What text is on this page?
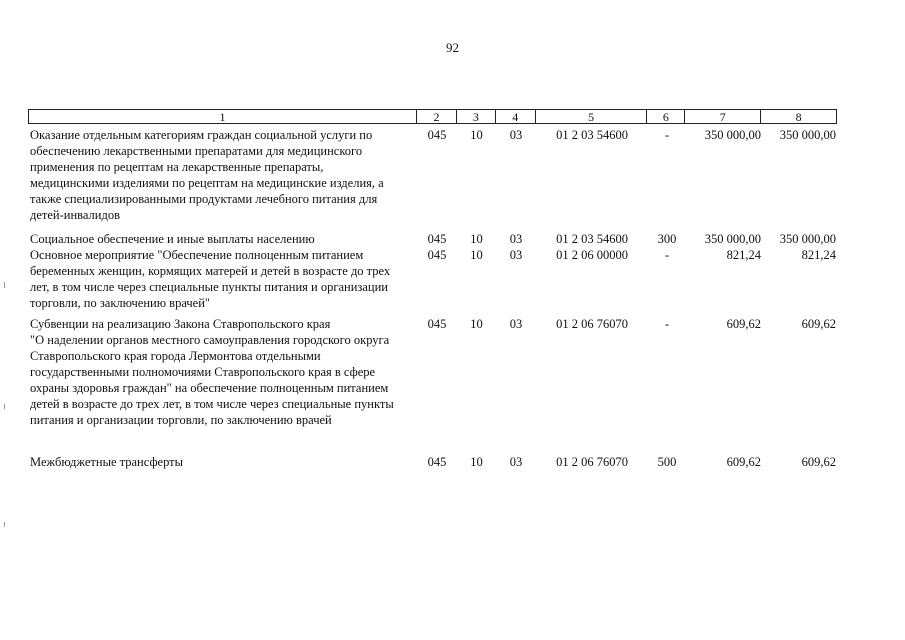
92
1	2	3	4	5	6	7	8
Оказание отдельным категориям граждан социальной услуги по
обеспечению лекарственными препаратами для медицинского
применения по рецептам на лекарственные препараты,
медицинскими изделиями по рецептам на медицинские изделия, а
также специализированными продуктами лечебного питания для
детей-инвалидов
045	10	03	01 2 03 54600	-	350 000,00	350 000,00
Социальное обеспечение и иные выплаты населению	045	10	03	01 2 03 54600	300	350 000,00	350 000,00
Основное мероприятие "Обеспечение полноценным питанием
беременных женщин, кормящих матерей и детей в возрасте до трех
лет, в том числе через специальные пункты питания и организации
торговли, по заключению врачей"
045	10	03	01 2 06 00000	-	821,24	821,24
Субвенции на реализацию Закона Ставропольского края
"О наделении органов местного самоуправления городского округа
Ставропольского края города Лермонтова отдельными
государственными полномочиями Ставропольского края в сфере
охраны здоровья граждан" на обеспечение полноценным питанием
детей в возрасте до трех лет, в том числе через специальные пункты
питания и организации торговли, по заключению врачей
045	10	03	01 2 06 76070	-	609,62	609,62
Межбюджетные трансферты	045	10	03	01 2 06 76070	500	609,62	609,62
